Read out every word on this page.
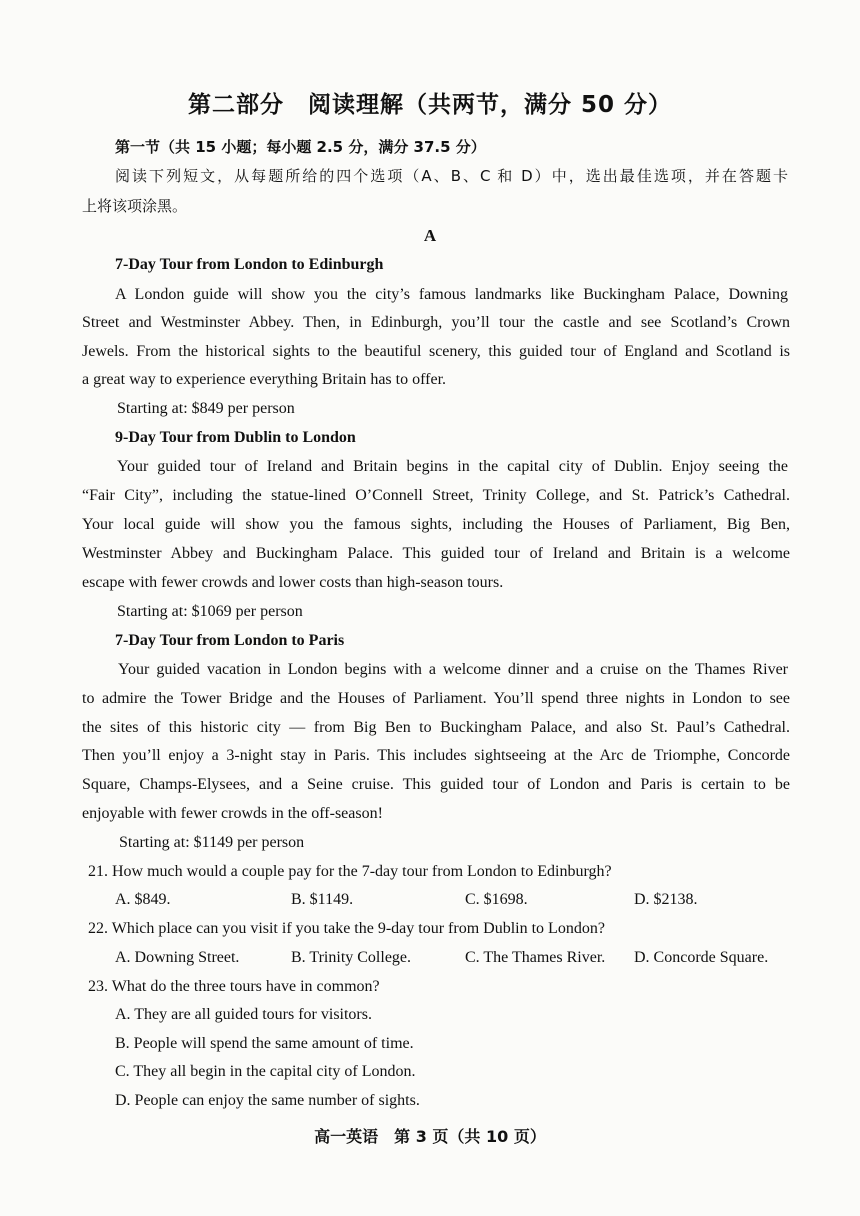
第二部分　阅读理解（共两节，满分 50 分）
第一节（共 15 小题；每小题 2.5 分，满分 37.5 分）
阅读下列短文，从每题所给的四个选项（A、B、C 和 D）中，选出最佳选项，并在答题卡
上将该项涂黑。
A
7-Day Tour from London to Edinburgh
A London guide will show you the city’s famous landmarks like Buckingham Palace, Downing
Street and Westminster Abbey. Then, in Edinburgh, you’ll tour the castle and see Scotland’s Crown
Jewels. From the historical sights to the beautiful scenery, this guided tour of England and Scotland is
a great way to experience everything Britain has to offer.
Starting at: $849 per person
9-Day Tour from Dublin to London
Your guided tour of Ireland and Britain begins in the capital city of Dublin. Enjoy seeing the
“Fair City”, including the statue-lined O’Connell Street, Trinity College, and St. Patrick’s Cathedral.
Your local guide will show you the famous sights, including the Houses of Parliament, Big Ben,
Westminster Abbey and Buckingham Palace. This guided tour of Ireland and Britain is a welcome
escape with fewer crowds and lower costs than high-season tours.
Starting at: $1069 per person
7-Day Tour from London to Paris
Your guided vacation in London begins with a welcome dinner and a cruise on the Thames River
to admire the Tower Bridge and the Houses of Parliament. You’ll spend three nights in London to see
the sites of this historic city — from Big Ben to Buckingham Palace, and also St. Paul’s Cathedral.
Then you’ll enjoy a 3-night stay in Paris. This includes sightseeing at the Arc de Triomphe, Concorde
Square, Champs-Elysees, and a Seine cruise. This guided tour of London and Paris is certain to be
enjoyable with fewer crowds in the off-season!
Starting at: $1149 per person
21. How much would a couple pay for the 7-day tour from London to Edinburgh?
A. $849.	B. $1149.	C. $1698.	D. $2138.
22. Which place can you visit if you take the 9-day tour from Dublin to London?
A. Downing Street.	B. Trinity College.	C. The Thames River. D. Concorde Square.
23. What do the three tours have in common?
A. They are all guided tours for visitors.
B. People will spend the same amount of time.
C. They all begin in the capital city of London.
D. People can enjoy the same number of sights.
高一英语　第 3 页（共 10 页）
